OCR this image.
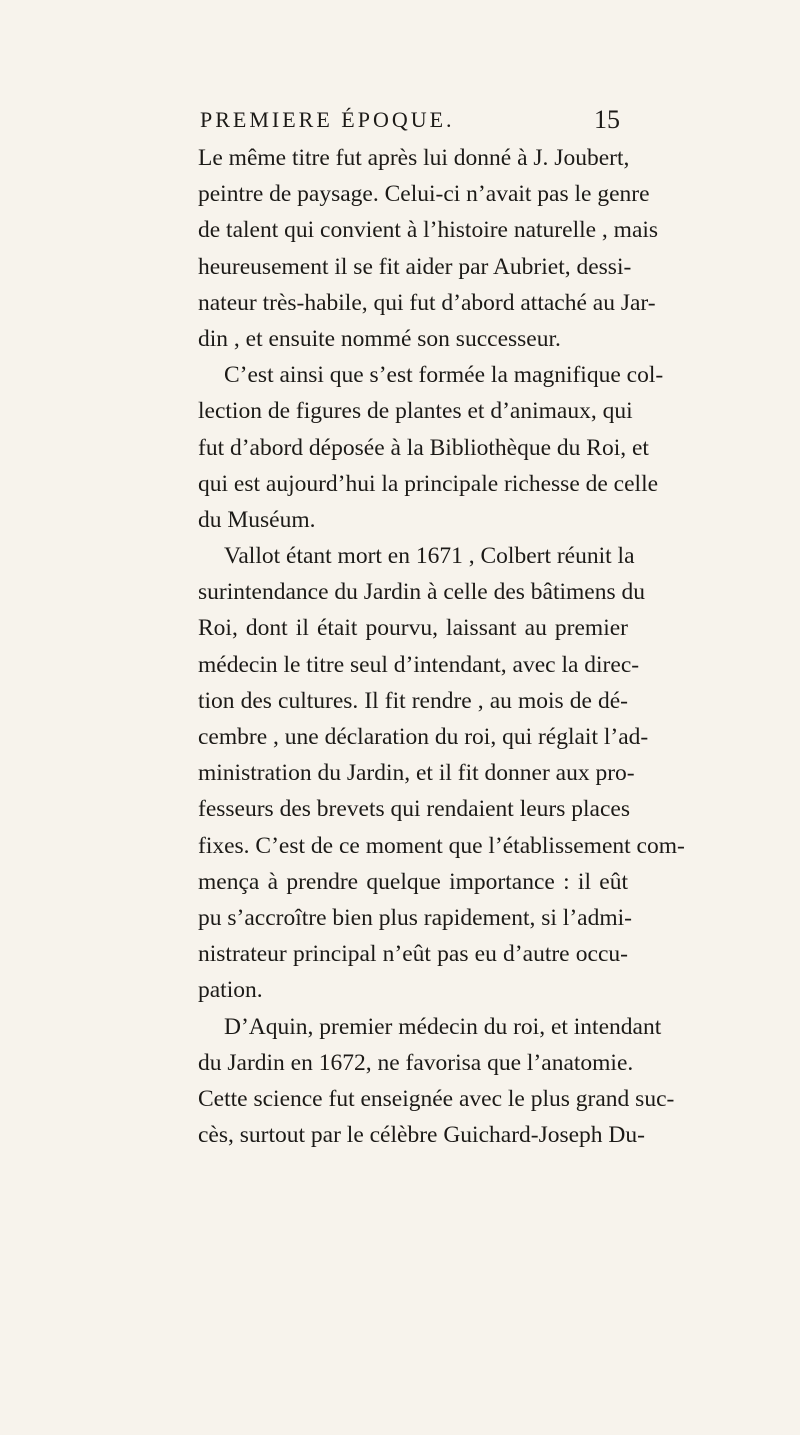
PREMIERE ÉPOQUE.	15
Le même titre fut après lui donné à J. Joubert,
peintre de paysage. Celui-ci n’avait pas le genre
de talent qui convient à l’histoire naturelle , mais
heureusement il se fit aider par Aubriet, dessi-
nateur très-habile, qui fut d’abord attaché au Jar-
din , et ensuite nommé son successeur.
C’est ainsi que s’est formée la magnifique col-
lection de figures de plantes et d’animaux, qui
fut d’abord déposée à la Bibliothèque du Roi, et
qui est aujourd’hui la principale richesse de celle
du Muséum.
Vallot étant mort en 1671 , Colbert réunit la
surintendance du Jardin à celle des bâtimens du
Roi, dont il était pourvu, laissant au premier
médecin le titre seul d’intendant, avec la direc-
tion des cultures. Il fit rendre , au mois de dé-
cembre , une déclaration du roi, qui réglait l’ad-
ministration du Jardin, et il fit donner aux pro-
fesseurs des brevets qui rendaient leurs places
fixes. C’est de ce moment que l’établissement com-
mença à prendre quelque importance : il eût
pu s’accroître bien plus rapidement, si l’admi-
nistrateur principal n’eût pas eu d’autre occu-
pation.
D’Aquin, premier médecin du roi, et intendant
du Jardin en 1672, ne favorisa que l’anatomie.
Cette science fut enseignée avec le plus grand suc-
cès, surtout par le célèbre Guichard-Joseph Du-
